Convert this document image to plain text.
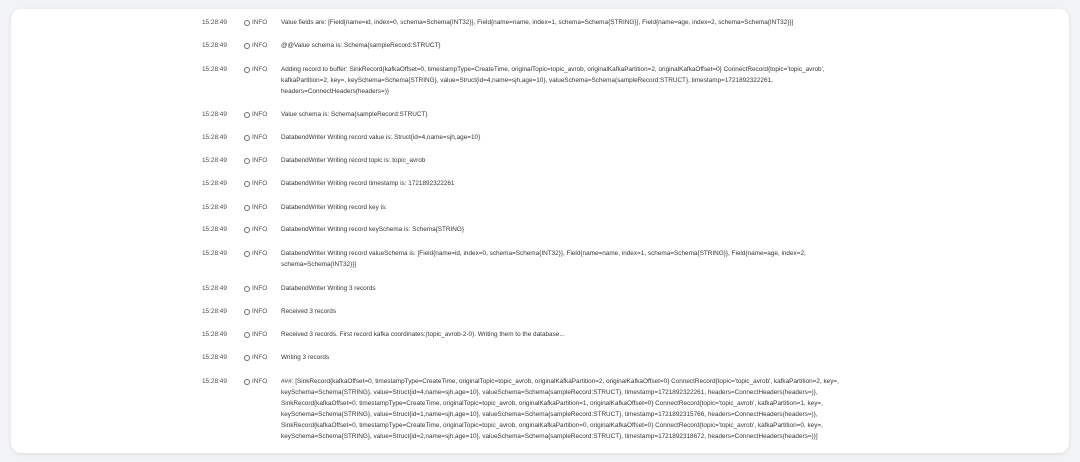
15:28:49	INFO Value fields are: [Field{name=id, index=0, schema=Schema{INT32}}, Field{name=name, index=1, schema=Schema{STRING}}, Field{name=age, index=2, schema=Schema{INT32}}]
15:28:49	INFO @@Value schema is: Schema{sampleRecord:STRUCT}
15:28:49	INFO Adding record to buffer: SinkRecord{kafkaOffset=0, timestampType=CreateTime, originalTopic=topic_avrob, originalKafkaPartition=2, originalKafkaOffset=0} ConnectRecord{topic='topic_avrob', kafkaPartition=2, key=, keySchema=Schema{STRING}, value=Struct{id=4,name=sjh,age=10}, valueSchema=Schema{sampleRecord:STRUCT}, timestamp=1721892322261, headers=ConnectHeaders(headers=)}
15:28:49	INFO Value schema is: Schema{sampleRecord:STRUCT}
15:28:49	INFO DatabendWriter Writing record value is: Struct{id=4,name=sjh,age=10}
15:28:49	INFO DatabendWriter Writing record topic is: topic_avrob
15:28:49	INFO DatabendWriter Writing record timestamp is: 1721892322261
15:28:49	INFO DatabendWriter Writing record key is:
15:28:49	INFO DatabendWriter Writing record keySchema is: Schema{STRING}
15:28:49	INFO DatabendWriter Writing record valueSchema is: [Field{name=id, index=0, schema=Schema{INT32}}, Field{name=name, index=1, schema=Schema{STRING}}, Field{name=age, index=2, schema=Schema{INT32}}]
15:28:49	INFO DatabendWriter Writing 3 records
15:28:49	INFO Received 3 records
15:28:49	INFO Received 3 records. First record kafka coordinates:(topic_avrob-2-0). Writing them to the database...
15:28:49	INFO Writing 3 records
15:28:49	INFO ###: [SinkRecord{kafkaOffset=0, timestampType=CreateTime, originalTopic=topic_avrob, originalKafkaPartition=2, originalKafkaOffset=0} ConnectRecord{topic='topic_avrob', kafkaPartition=2, key=, keySchema=Schema{STRING}, value=Struct{id=4,name=sjh,age=10}, valueSchema=Schema{sampleRecord:STRUCT}, timestamp=1721892322261, headers=ConnectHeaders(headers=)}, SinkRecord{kafkaOffset=0, timestampType=CreateTime, originalTopic=topic_avrob, originalKafkaPartition=1, originalKafkaOffset=0} ConnectRecord{topic='topic_avrob', kafkaPartition=1, key=, keySchema=Schema{STRING}, value=Struct{id=1,name=sjh,age=10}, valueSchema=Schema{sampleRecord:STRUCT}, timestamp=1721892315766, headers=ConnectHeaders(headers=)}, SinkRecord{kafkaOffset=0, timestampType=CreateTime, originalTopic=topic_avrob, originalKafkaPartition=0, originalKafkaOffset=0} ConnectRecord{topic='topic_avrob', kafkaPartition=0, key=, keySchema=Schema{STRING}, value=Struct{id=2,name=sjh,age=10}, valueSchema=Schema{sampleRecord:STRUCT}, timestamp=1721892318672, headers=ConnectHeaders(headers=)}]
